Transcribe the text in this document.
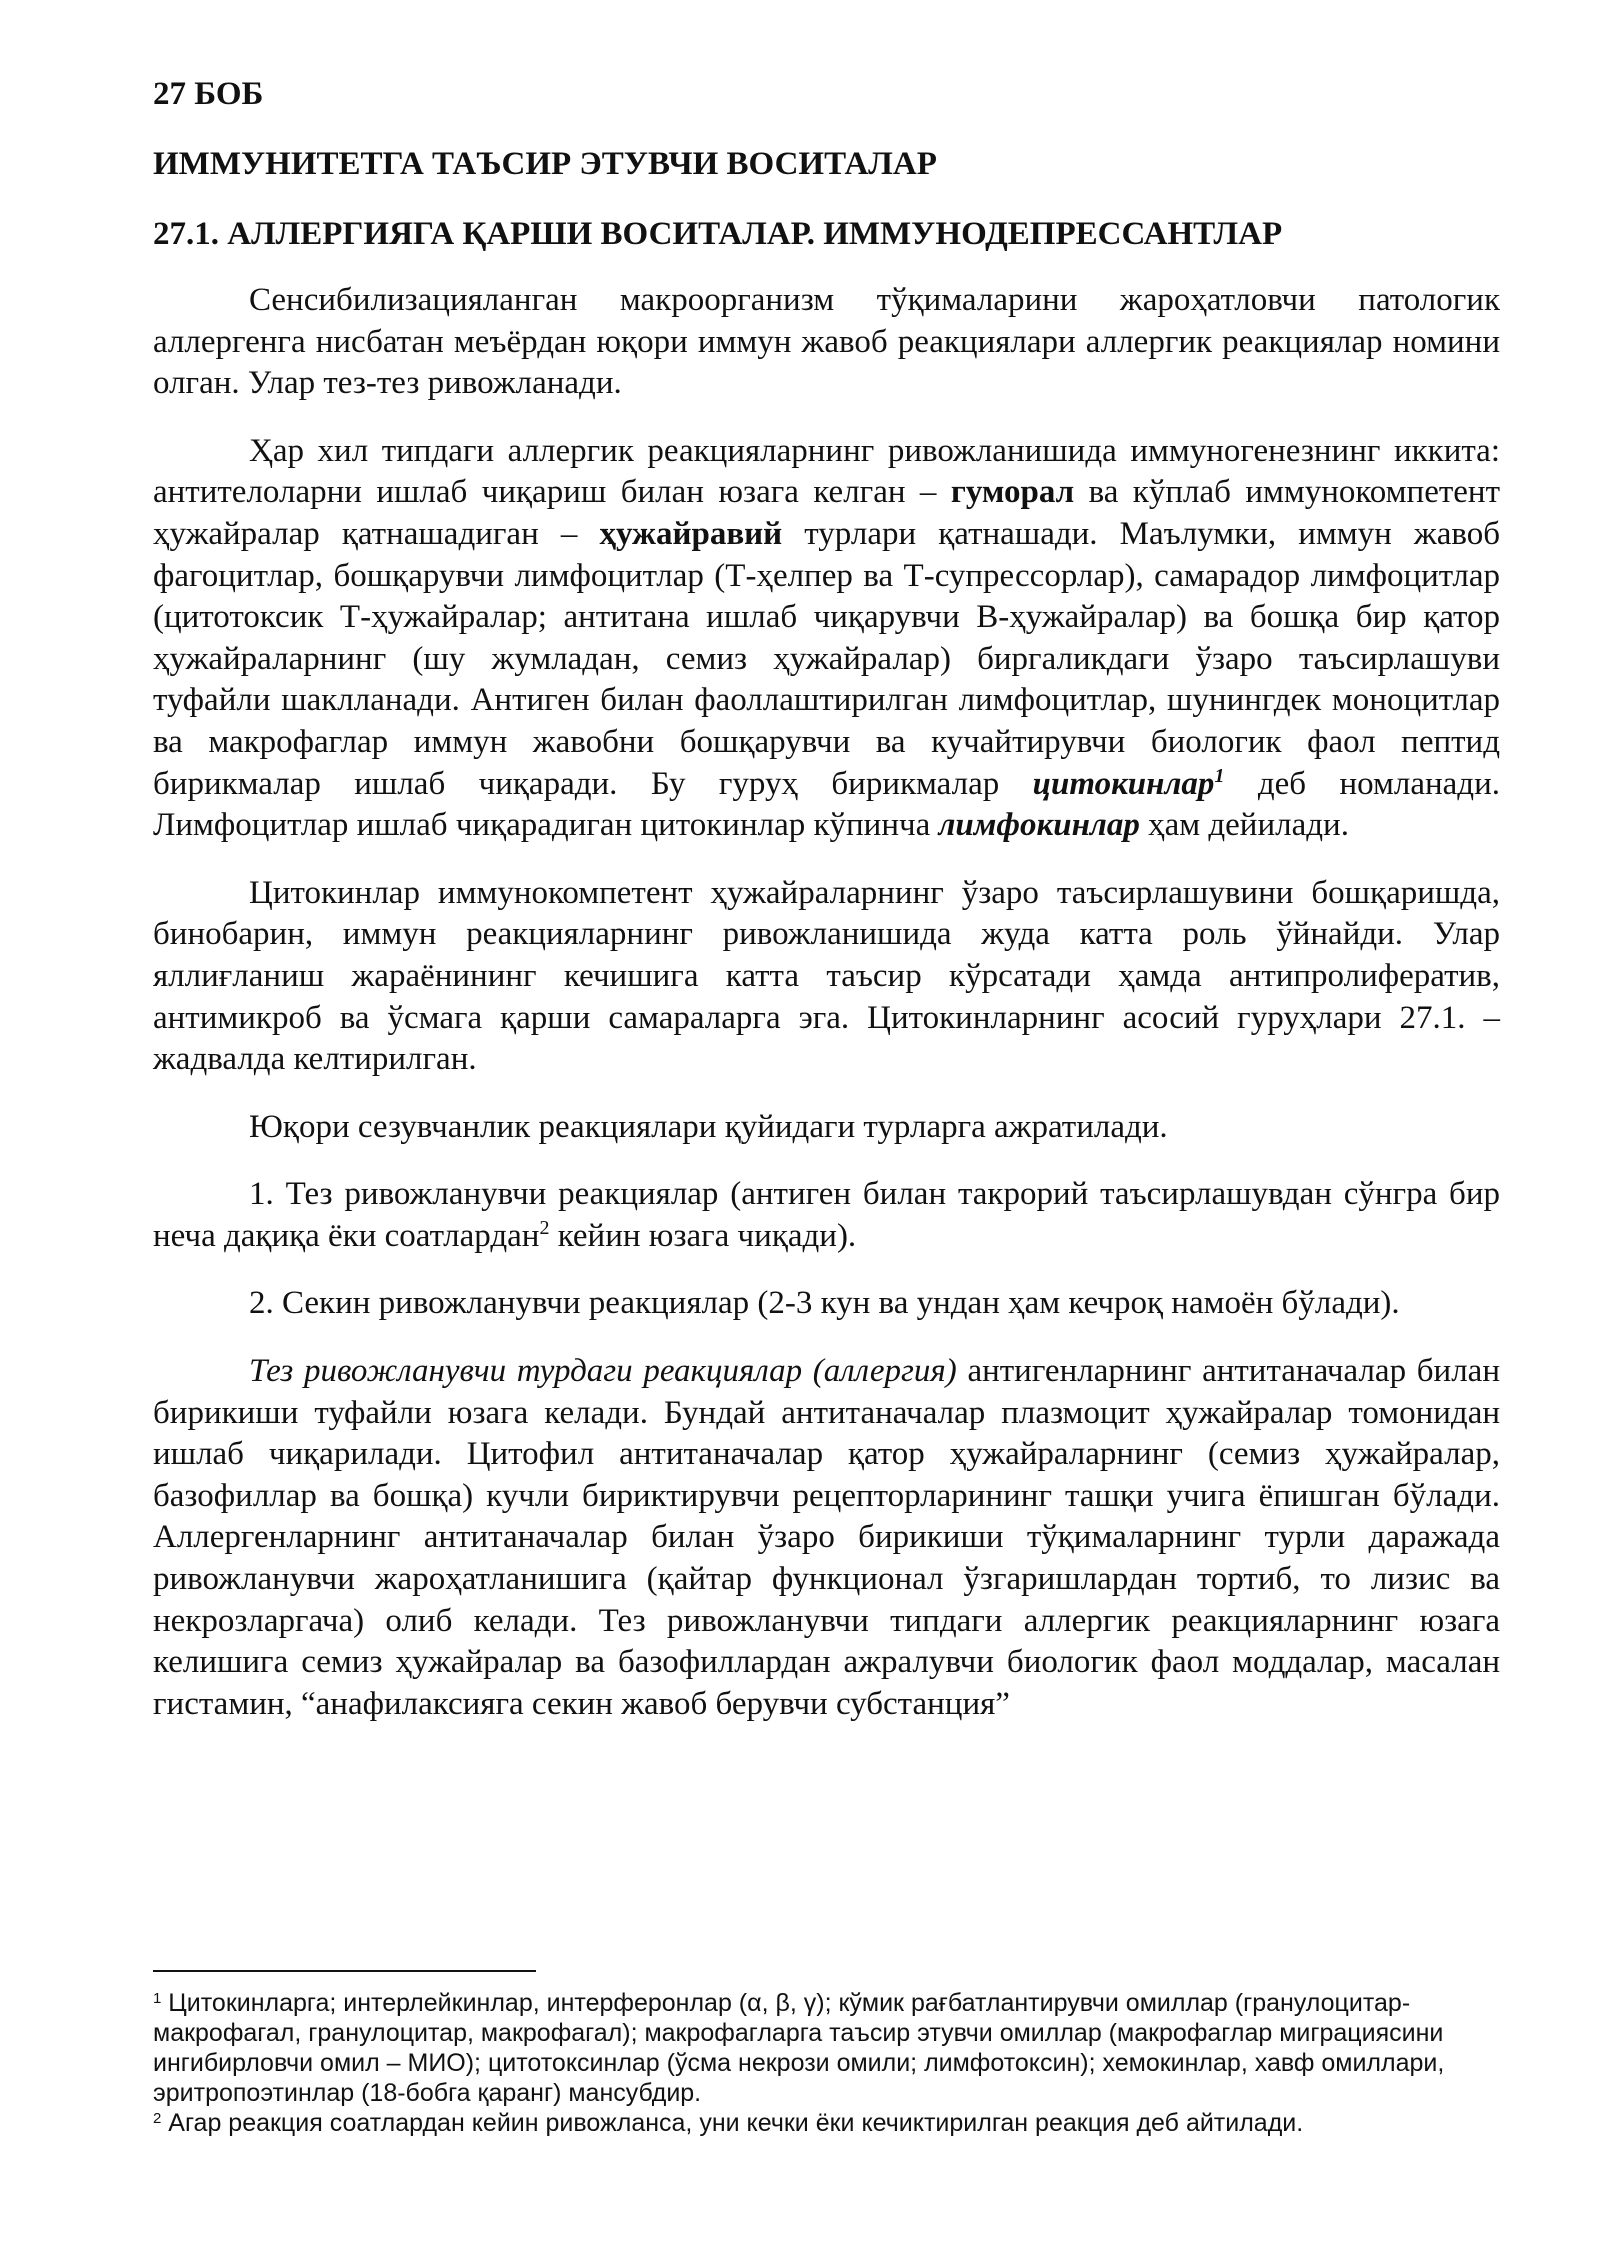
27 БОБ
ИММУНИТЕТГА ТАЪСИР ЭТУВЧИ ВОСИТАЛАР
27.1. АЛЛЕРГИЯГА ҚАРШИ ВОСИТАЛАР. ИММУНОДЕПРЕССАНТЛАР

Сенсибилизацияланган макроорганизм тўқималарини жароҳатловчи патологик аллергенга нисбатан меъёрдан юқори иммун жавоб реакциялари аллергик реакциялар номини олган. Улар тез-тез ривожланади.

Ҳар хил типдаги аллергик реакцияларнинг ривожланишида иммуногенезнинг иккита: антителоларни ишлаб чиқариш билан юзага келган – гуморал ва кўплаб иммунокомпетент ҳужайралар қатнашадиган – ҳужайравий турлари қатнашади. Маълумки, иммун жавоб фагоцитлар, бошқарувчи лимфоцитлар (Т-ҳелпер ва Т-супрессорлар), самарадор лимфоцитлар (цитотоксик Т-ҳужайралар; антитана ишлаб чиқарувчи В-ҳужайралар) ва бошқа бир қатор ҳужайраларнинг (шу жумладан, семиз ҳужайралар) биргаликдаги ўзаро таъсирлашуви туфайли шаклланади. Антиген билан фаоллаштирилган лимфоцитлар, шунингдек моноцитлар ва макрофаглар иммун жавобни бошқарувчи ва кучайтирувчи биологик фаол пептид бирикмалар ишлаб чиқаради. Бу гуруҳ бирикмалар цитокинлар$^1$ деб номланади. Лимфоцитлар ишлаб чиқарадиган цитокинлар кўпинча лимфокинлар ҳам дейилади.

Цитокинлар иммунокомпетент ҳужайраларнинг ўзаро таъсирлашувини бошқаришда, бинобарин, иммун реакцияларнинг ривожланишида жуда катта роль ўйнайди. Улар яллиғланиш жараёнининг кечишига катта таъсир кўрсатади ҳамда антипролифератив, антимикроб ва ўсмага қарши самараларга эга. Цитокинларнинг асосий гуруҳлари 27.1. – жадвалда келтирилган.

Юқори сезувчанлик реакциялари қуйидаги турларга ажратилади.

1. Тез ривожланувчи реакциялар (антиген билан такрорий таъсирлашувдан сўнгра бир неча дақиқа ёки соатлардан$^2$ кейин юзага чиқади).

2. Секин ривожланувчи реакциялар (2-3 кун ва ундан ҳам кечроқ намоён бўлади).

Тез ривожланувчи турдаги реакциялар (аллергия) антигенларнинг антитаначалар билан бирикиши туфайли юзага келади. Бундай антитаначалар плазмоцит ҳужайралар томонидан ишлаб чиқарилади. Цитофил антитаначалар қатор ҳужайраларнинг (семиз ҳужайралар, базофиллар ва бошқа) кучли бириктирувчи рецепторларининг ташқи учига ёпишган бўлади. Аллергенларнинг антитаначалар билан ўзаро бирикиши тўқималарнинг турли даражада ривожланувчи жароҳатланишига (қайтар функционал ўзгаришлардан тортиб, то лизис ва некрозларгача) олиб келади. Тез ривожланувчи типдаги аллергик реакцияларнинг юзага келишига семиз ҳужайралар ва базофиллардан ажралувчи биологик фаол моддалар, масалан гистамин, “анафилаксияга секин жавоб берувчи субстанция”

$^1$ Цитокинларга; интерлейкинлар, интерферонлар (α, β, γ); кўмик рағбатлантирувчи омиллар (гранулоцитар-макрофагал, гранулоцитар, макрофагал); макрофагларга таъсир этувчи омиллар (макрофаглар миграциясини ингибирловчи омил – МИО); цитотоксинлар (ўсма некрози омили; лимфотоксин); хемокинлар, хавф омиллари, эритропоэтинлар (18-бобга қаранг) мансубдир.

$^2$ Агар реакция соатлардан кейин ривожланса, уни кечки ёки кечиктирилган реакция деб айтилади.
